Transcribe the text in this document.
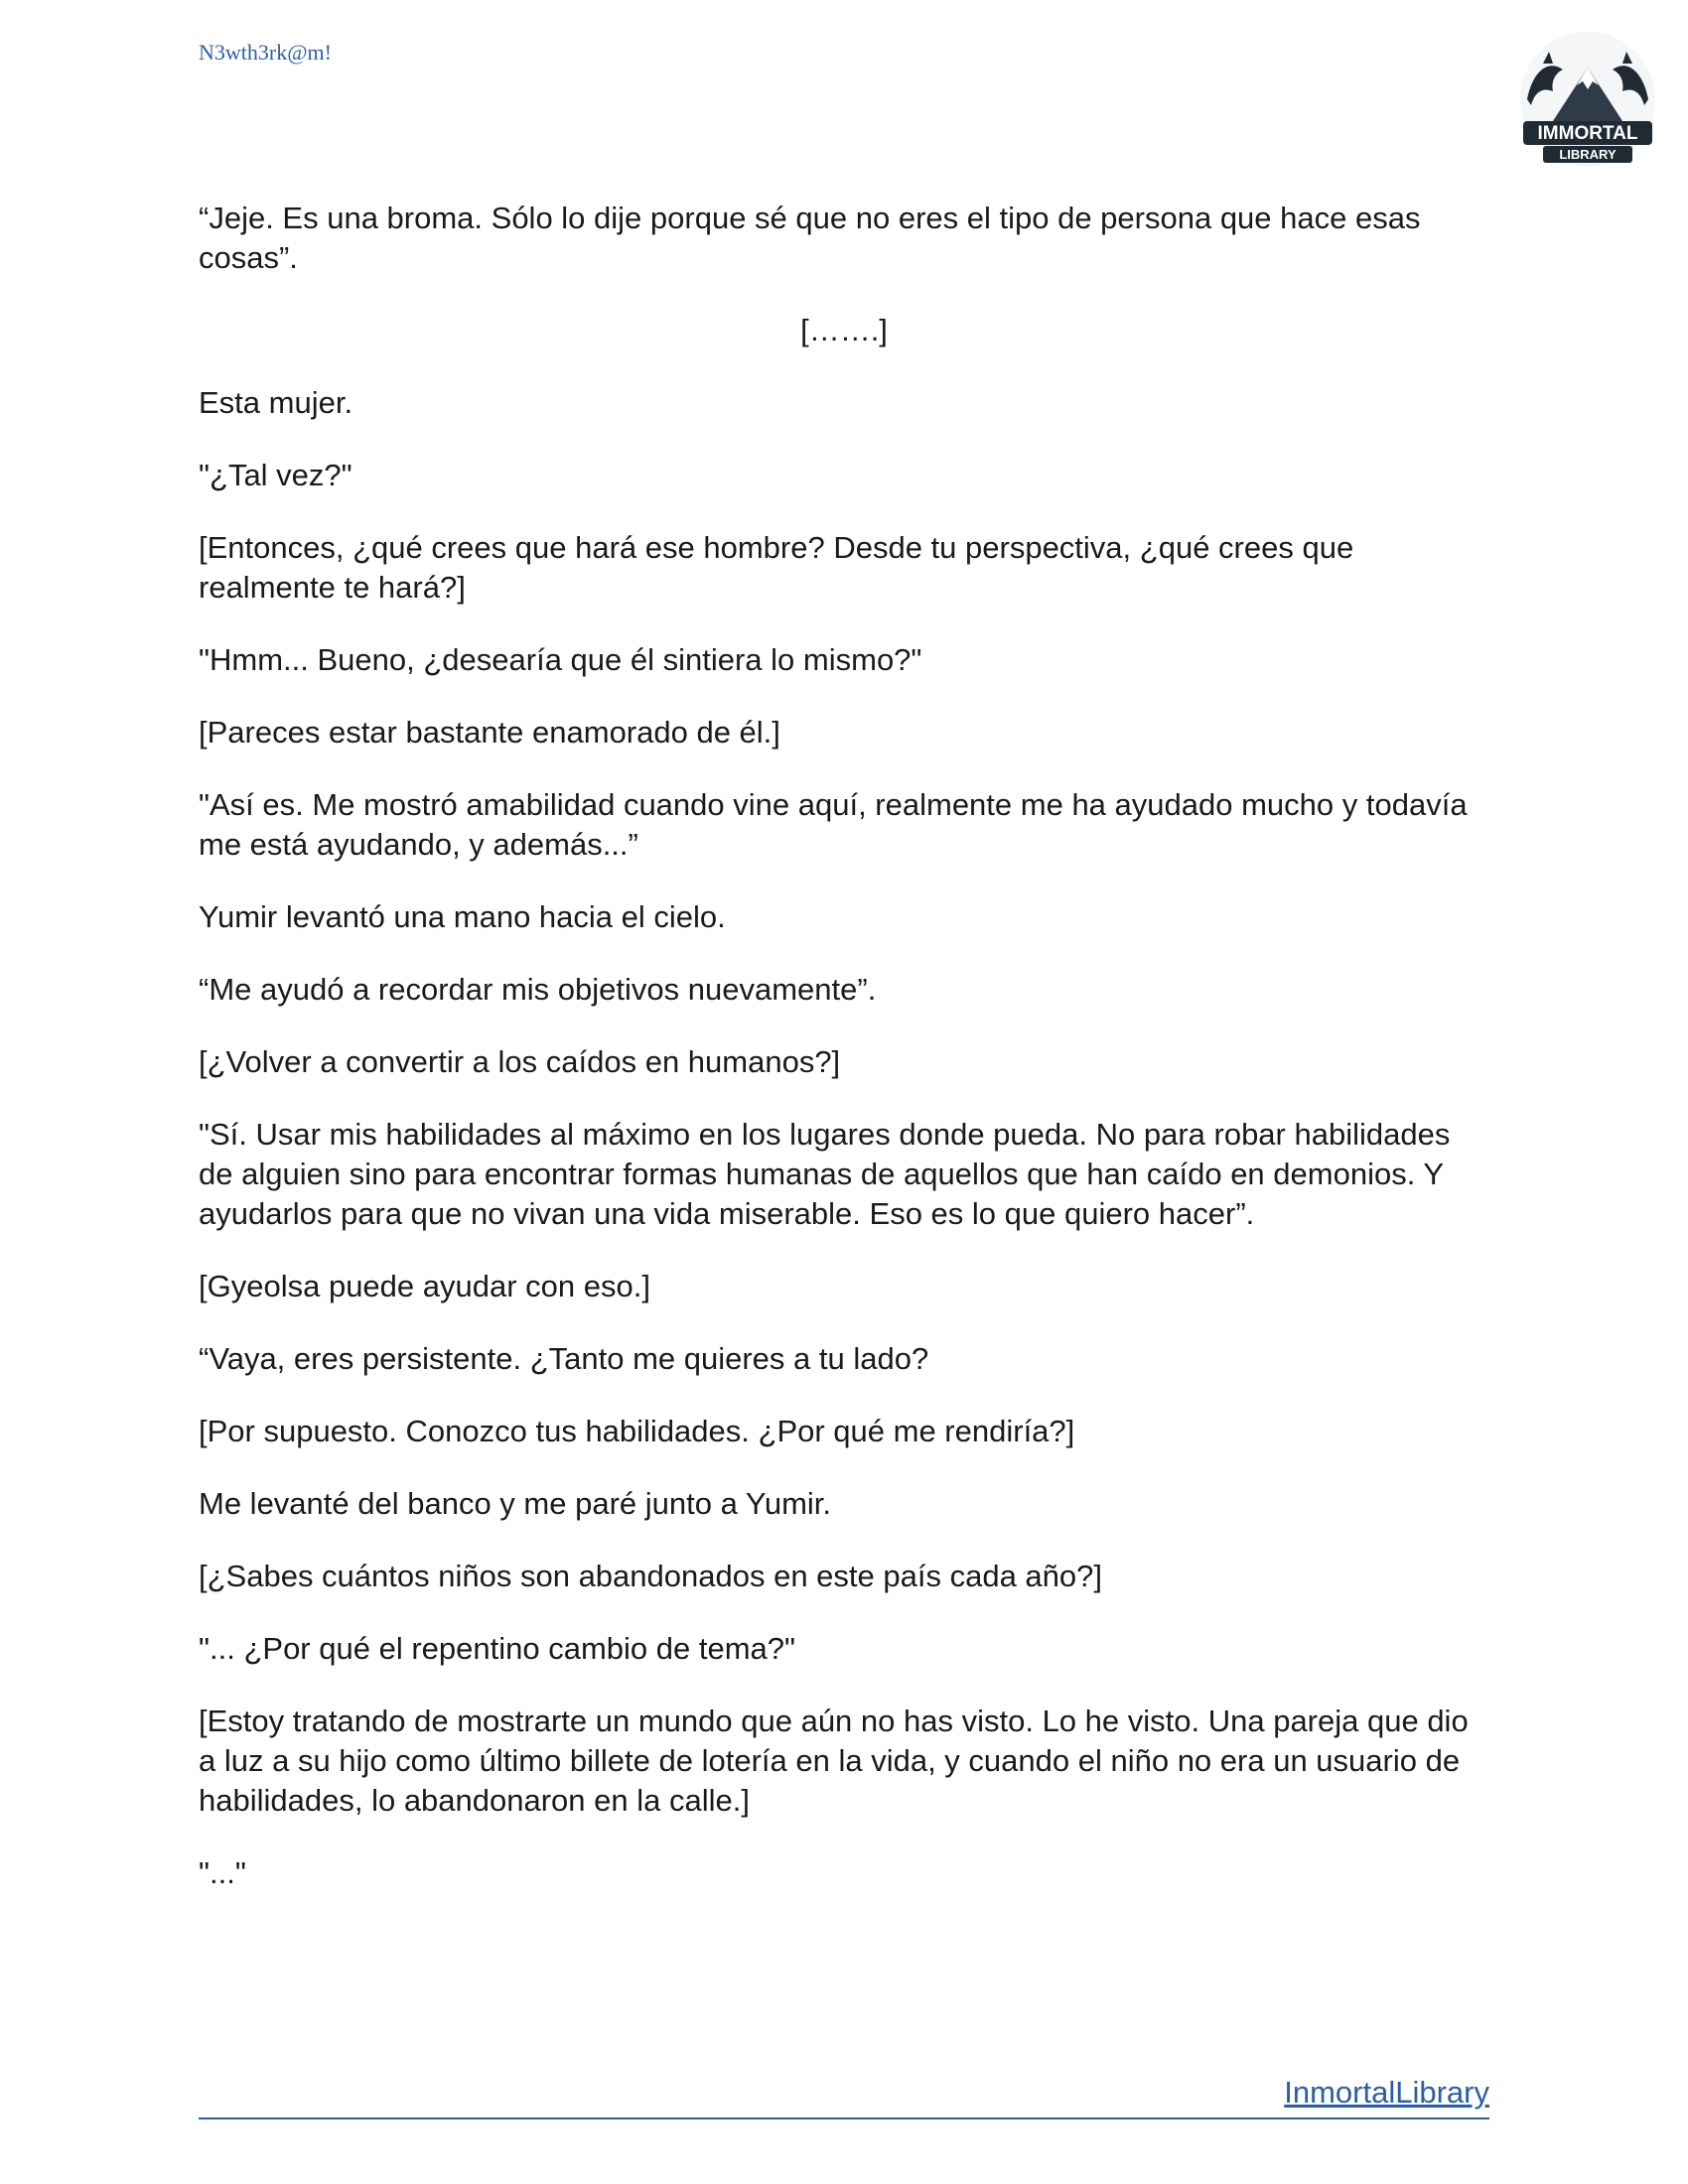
N3wth3rk@m!
IMMORTAL
LIBRARY

“Jeje. Es una broma. Sólo lo dije porque sé que no eres el tipo de persona que hace esas cosas”.

[…….]

Esta mujer.

"¿Tal vez?"

[Entonces, ¿qué crees que hará ese hombre? Desde tu perspectiva, ¿qué crees que realmente te hará?]

"Hmm... Bueno, ¿desearía que él sintiera lo mismo?"

[Pareces estar bastante enamorado de él.]

"Así es. Me mostró amabilidad cuando vine aquí, realmente me ha ayudado mucho y todavía me está ayudando, y además...”

Yumir levantó una mano hacia el cielo.

“Me ayudó a recordar mis objetivos nuevamente”.

[¿Volver a convertir a los caídos en humanos?]

"Sí. Usar mis habilidades al máximo en los lugares donde pueda. No para robar habilidades de alguien sino para encontrar formas humanas de aquellos que han caído en demonios. Y ayudarlos para que no vivan una vida miserable. Eso es lo que quiero hacer”.

[Gyeolsa puede ayudar con eso.]

“Vaya, eres persistente. ¿Tanto me quieres a tu lado?

[Por supuesto. Conozco tus habilidades. ¿Por qué me rendiría?]

Me levanté del banco y me paré junto a Yumir.

[¿Sabes cuántos niños son abandonados en este país cada año?]

"... ¿Por qué el repentino cambio de tema?"

[Estoy tratando de mostrarte un mundo que aún no has visto. Lo he visto. Una pareja que dio a luz a su hijo como último billete de lotería en la vida, y cuando el niño no era un usuario de habilidades, lo abandonaron en la calle.]

"..."

InmortalLibrary
